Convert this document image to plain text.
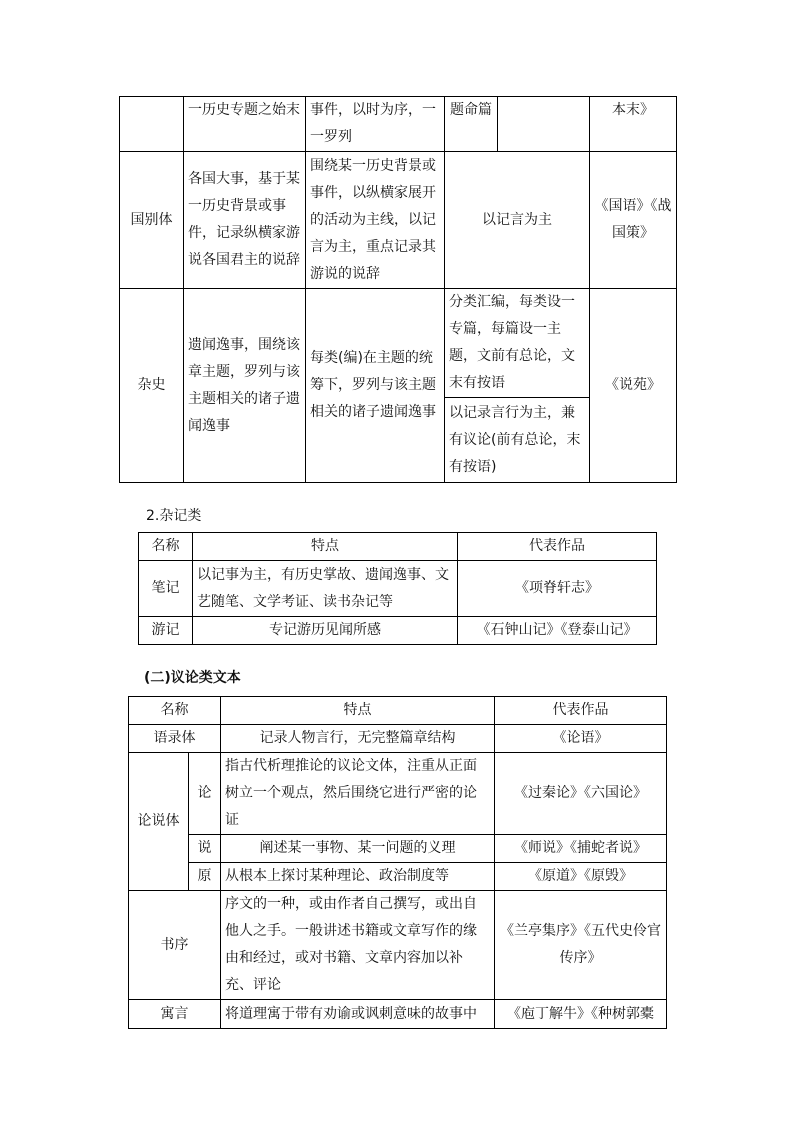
	一历史专题之始末	事件，以时为序，一一罗列	题命篇		本末》
国别体	各国大事，基于某一历史背景或事件，记录纵横家游说各国君主的说辞	围绕某一历史背景或事件，以纵横家展开的活动为主线，以记言为主，重点记录其游说的说辞	以记言为主		《国语》《战国策》
杂史	遗闻逸事，围绕该章主题，罗列与该主题相关的诸子遗闻逸事	每类(编)在主题的统筹下，罗列与该主题相关的诸子遗闻逸事	分类汇编，每类设一专篇，每篇设一主题，文前有总论，文末有按语		《说苑》
			以记录言行为主，兼有议论(前有总论，末有按语)		
2.杂记类
名称	特点	代表作品
笔记	以记事为主，有历史掌故、遗闻逸事、文艺随笔、文学考证、读书杂记等	《项脊轩志》
游记	专记游历见闻所感	《石钟山记》《登泰山记》
(二)议论类文本
名称		特点	代表作品
语录体		记录人物言行，无完整篇章结构	《论语》
论说体	论	指古代析理推论的议论文体，注重从正面树立一个观点，然后围绕它进行严密的论证	《过秦论》《六国论》
	说	阐述某一事物、某一问题的义理	《师说》《捕蛇者说》
	原	从根本上探讨某种理论、政治制度等	《原道》《原毁》
书序		序文的一种，或由作者自己撰写，或出自他人之手。一般讲述书籍或文章写作的缘由和经过，或对书籍、文章内容加以补充、评论	《兰亭集序》《五代史伶官传序》
寓言		将道理寓于带有劝谕或讽刺意味的故事中	《庖丁解牛》《种树郭橐
